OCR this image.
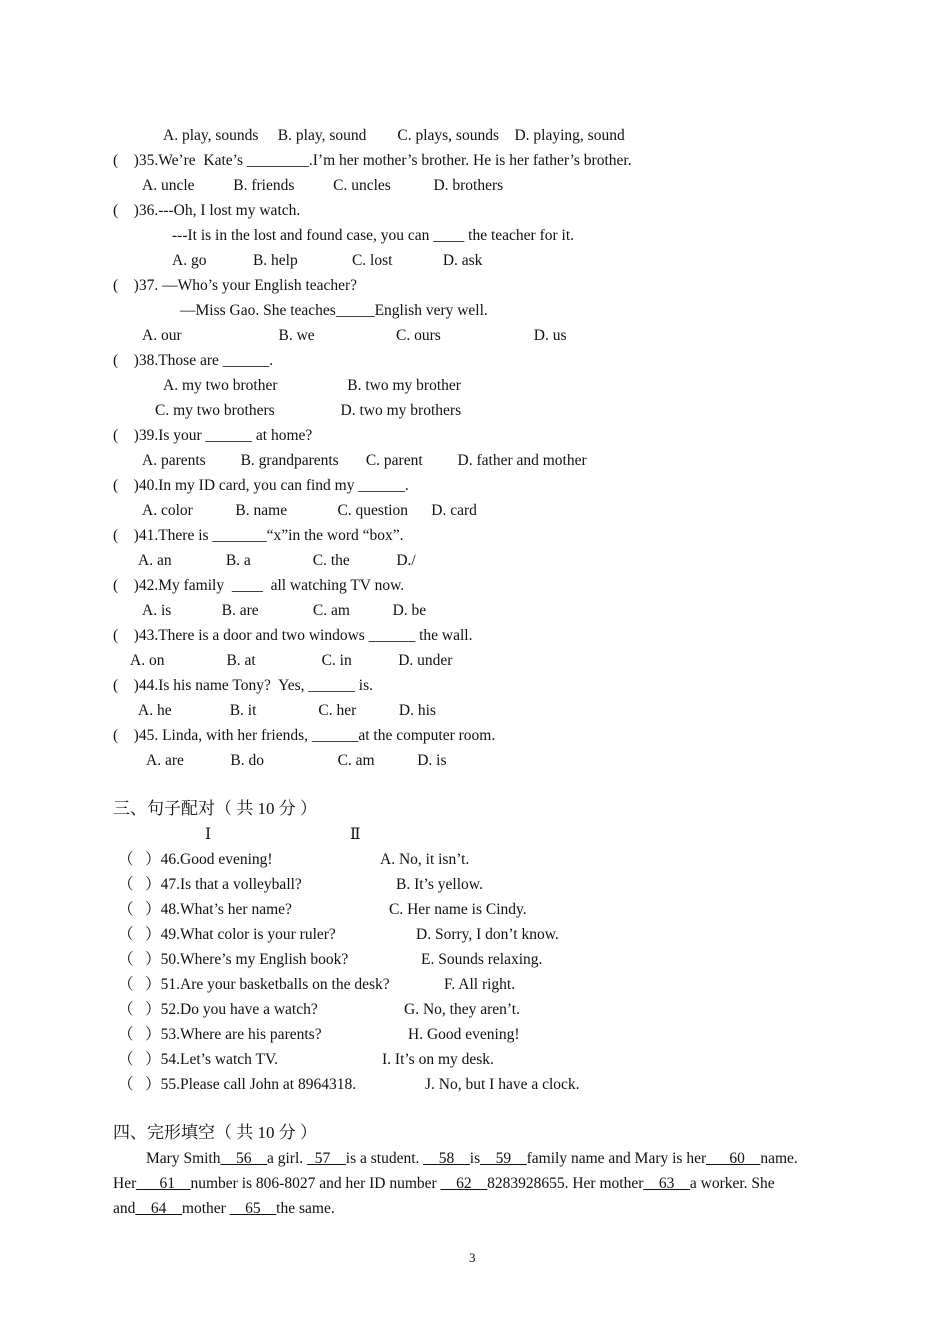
A. play, sounds     B. play, sound        C. plays, sounds    D. playing, sound
(    )35.We’re  Kate’s ________.I’m her mother’s brother. He is her father’s brother.
A. uncle          B. friends          C. uncles           D. brothers
(    )36.---Oh, I lost my watch.
---It is in the lost and found case, you can ____ the teacher for it.
A. go            B. help              C. lost             D. ask
(    )37. —Who’s your English teacher?
—Miss Gao. She teaches_____English very well.
A. our                         B. we                     C. ours                        D. us
(    )38.Those are ______.
A. my two brother                  B. two my brother
C. my two brothers                 D. two my brothers
(    )39.Is your ______ at home?
A. parents         B. grandparents       C. parent         D. father and mother
(    )40.In my ID card, you can find my ______.
A. color           B. name             C. question      D. card
(    )41.There is _______“x”in the word “box”.
A. an              B. a                C. the            D./
(    )42.My family  ____  all watching TV now.
A. is             B. are              C. am           D. be
(    )43.There is a door and two windows ______ the wall.
A. on                B. at                 C. in            D. under
(    )44.Is his name Tony?  Yes, ______ is.
A. he               B. it                C. her           D. his
(    )45. Linda, with her friends, ______at the computer room.
A. are            B. do                   C. am           D. is
三、句子配对（ 共 10 分 ）
Ⅰ	Ⅱ
（   ）46.Good evening!
（   ）47.Is that a volleyball?
（   ）48.What’s her name?
（   ）49.What color is your ruler?
（   ）50.Where’s my English book?
（   ）51.Are your basketballs on the desk?
（   ）52.Do you have a watch?
（   ）53.Where are his parents?
（   ）54.Let’s watch TV.
（   ）55.Please call John at 8964318.
A. No, it isn’t.
B. It’s yellow.
C. Her name is Cindy.
D. Sorry, I don’t know.
E. Sounds relaxing.
F. All right.
G. No, they aren’t.
H. Good evening!
I. It’s on my desk.
J. No, but I have a clock.
四、完形填空（ 共 10 分 ）
Mary Smith__56__a girl. _57__is a student. __58__is__59__family name and Mary is her___60__name.
Her___61__number is 806-8027 and her ID number __62__8283928655. Her mother__63__a worker. She
and__64__mother __65__the same.
3
